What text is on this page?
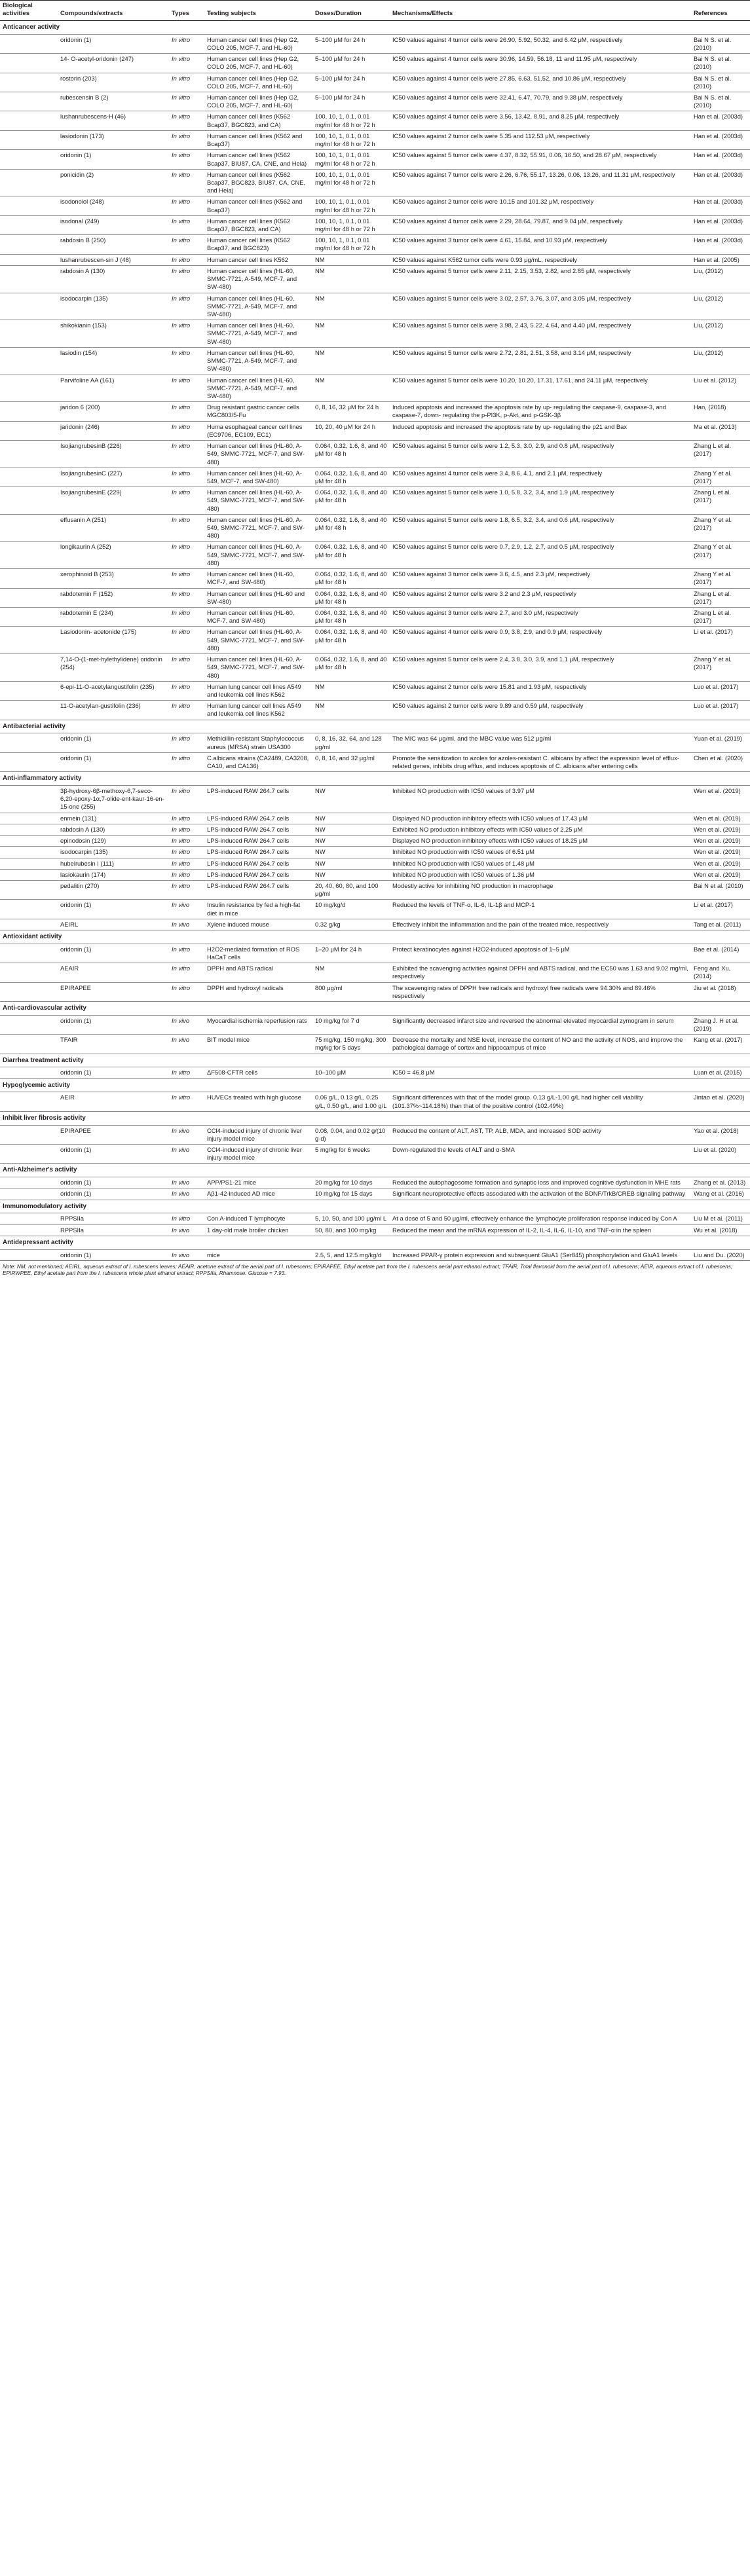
Biological activities	Compounds/extracts	Types	Testing subjects	Doses/Duration	Mechanisms/Effects	References
Anticancer activity						
	oridonin (1)	In vitro	Human cancer cell lines (Hep G2, COLO 205, MCF-7, and HL-60)	5–100 μM for 24 h	IC50 values against 4 tumor cells were 26.90, 5.92, 50.32, and 6.42 μM, respectively	Bai N S. et al. (2010)
	14- O-acetyl-oridonin (247)	In vitro	Human cancer cell lines (Hep G2, COLO 205, MCF-7, and HL-60)	5–100 μM for 24 h	IC50 values against 4 tumor cells were 30.96, 14.59, 56.18, 11 and 11.95 μM, respectively	Bai N S. et al. (2010)
	rostorin (203)	In vitro	Human cancer cell lines (Hep G2, COLO 205, MCF-7, and HL-60)	5–100 μM for 24 h	IC50 values against 4 tumor cells were 27.85, 6.63, 51.52, and 10.86 μM, respectively	Bai N S. et al. (2010)
	rubescensin B (2)	In vitro	Human cancer cell lines (Hep G2, COLO 205, MCF-7, and HL-60)	5–100 μM for 24 h	IC50 values against 4 tumor cells were 32.41, 6.47, 70.79, and 9.38 μM, respectively	Bai N S. et al. (2010)
	lushanrubescens-H (46)	In vitro	Human cancer cell lines (K562 Bcap37, BGC823, and CA)	100, 10, 1, 0.1, 0.01 mg/ml for 48 h or 72 h	IC50 values against 4 tumor cells were 3.56, 13.42, 8.91, and 8.25 μM, respectively	Han et al. (2003d)
	lasiodonin (173)	In vitro	Human cancer cell lines (K562 and Bcap37)	100, 10, 1, 0.1, 0.01 mg/ml for 48 h or 72 h	IC50 values against 2 tumor cells were 5.35 and 112.53 μM, respectively	Han et al. (2003d)
	oridonin (1)	In vitro	Human cancer cell lines (K562 Bcap37, BIU87, CA, CNE, and Hela)	100, 10, 1, 0.1, 0.01 mg/ml for 48 h or 72 h	IC50 values against 5 tumor cells were 4.37, 8.32, 55.91, 0.06, 16.50, and 28.67 μM, respectively	Han et al. (2003d)
	ponicidin (2)	In vitro	Human cancer cell lines (K562 Bcap37, BGC823, BIU87, CA, CNE, and Hela)	100, 10, 1, 0.1, 0.01 mg/ml for 48 h or 72 h	IC50 values against 7 tumor cells were 2.26, 6.76, 55.17, 13.26, 0.06, 13.26, and 11.31 μM, respectively	Han et al. (2003d)
	isodonoiol (248)	In vitro	Human cancer cell lines (K562 and Bcap37)	100, 10, 1, 0.1, 0.01 mg/ml for 48 h or 72 h	IC50 values against 2 tumor cells were 10.15 and 101.32 μM, respectively	Han et al. (2003d)
	isodonal (249)	In vitro	Human cancer cell lines (K562 Bcap37, BGC823, and CA)	100, 10, 1, 0.1, 0.01 mg/ml for 48 h or 72 h	IC50 values against 4 tumor cells were 2.29, 28.64, 79.87, and 9.04 μM, respectively	Han et al. (2003d)
	rabdosin B (250)	In vitro	Human cancer cell lines (K562 Bcap37, and BGC823)	100, 10, 1, 0.1, 0.01 mg/ml for 48 h or 72 h	IC50 values against 3 tumor cells were 4.61, 15.84, and 10.93 μM, respectively	Han et al. (2003d)
	lushanrubescen-sin J (48)	In vitro	Human cancer cell lines K562	NM	IC50 values against K562 tumor cells were 0.93 μg/mL, respectively	Han et al. (2005)
	rabdosin A (130)	In vitro	Human cancer cell lines (HL-60, SMMC-7721, A-549, MCF-7, and SW-480)	NM	IC50 values against 5 tumor cells were 2.11, 2.15, 3.53, 2.82, and 2.85 μM, respectively	Liu, (2012)
	isodocarpin (135)	In vitro	Human cancer cell lines (HL-60, SMMC-7721, A-549, MCF-7, and SW-480)	NM	IC50 values against 5 tumor cells were 3.02, 2.57, 3.76, 3.07, and 3.05 μM, respectively	Liu, (2012)
	shikokianin (153)	In vitro	Human cancer cell lines (HL-60, SMMC-7721, A-549, MCF-7, and SW-480)	NM	IC50 values against 5 tumor cells were 3.98, 2.43, 5.22, 4.64, and 4.40 μM, respectively	Liu, (2012)
	lasiodin (154)	In vitro	Human cancer cell lines (HL-60, SMMC-7721, A-549, MCF-7, and SW-480)	NM	IC50 values against 5 tumor cells were 2.72, 2.81, 2.51, 3.58, and 3.14 μM, respectively	Liu, (2012)
	Parvifoline AA (161)	In vitro	Human cancer cell lines (HL-60, SMMC-7721, A-549, MCF-7, and SW-480)	NM	IC50 values against 5 tumor cells were 10.20, 10.20, 17.31, 17.61, and 24.11 μM, respectively	Liu et al. (2012)
	jaridon 6 (200)	In vitro	Drug resistant gastric cancer cells MGC803/5-Fu	0, 8, 16, 32 μM for 24 h	Induced apoptosis and increased the apoptosis rate by up- regulating the caspase-9, caspase-3, and caspase-7, down- regulating the p-PI3K, p-Akt, and p-GSK-3β	Han, (2018)
	jaridonin (246)	In vitro	Huma esophageal cancer cell lines (EC9706, EC109, EC1)	10, 20, 40 μM for 24 h	Induced apoptosis and increased the apoptosis rate by up- regulating the p21 and Bax	Ma et al. (2013)
	IsojiangrubesinB (226)	In vitro	Human cancer cell lines (HL-60, A-549, SMMC-7721, MCF-7, and SW-480)	0.064, 0.32, 1.6, 8, and 40 μM for 48 h	IC50 values against 5 tumor cells were 1.2, 5.3, 3.0, 2.9, and 0.8 μM, respectively	Zhang L et al. (2017)
	IsojiangrubesinC (227)	In vitro	Human cancer cell lines (HL-60, A-549, MCF-7, and SW-480)	0.064, 0.32, 1.6, 8, and 40 μM for 48 h	IC50 values against 4 tumor cells were 3.4, 8.6, 4.1, and 2.1 μM, respectively	Zhang Y et al. (2017)
	IsojiangrubesinE (229)	In vitro	Human cancer cell lines (HL-60, A-549, SMMC-7721, MCF-7, and SW-480)	0.064, 0.32, 1.6, 8, and 40 μM for 48 h	IC50 values against 5 tumor cells were 1.0, 5.8, 3.2, 3.4, and 1.9 μM, respectively	Zhang L et al. (2017)
	effusanin A (251)	In vitro	Human cancer cell lines (HL-60, A-549, SMMC-7721, MCF-7, and SW-480)	0.064, 0.32, 1.6, 8, and 40 μM for 48 h	IC50 values against 5 tumor cells were 1.8, 6.5, 3.2, 3.4, and 0.6 μM, respectively	Zhang Y et al. (2017)
	longikaurin A (252)	In vitro	Human cancer cell lines (HL-60, A-549, SMMC-7721, MCF-7, and SW-480)	0.064, 0.32, 1.6, 8, and 40 μM for 48 h	IC50 values against 5 tumor cells were 0.7, 2.9, 1.2, 2.7, and 0.5 μM, respectively	Zhang Y et al. (2017)
	xerophinoid B (253)	In vitro	Human cancer cell lines (HL-60, MCF-7, and SW-480)	0.064, 0.32, 1.6, 8, and 40 μM for 48 h	IC50 values against 3 tumor cells were 3.6, 4.5, and 2.3 μM, respectively	Zhang Y et al. (2017)
	rabdoternin F (152)	In vitro	Human cancer cell lines (HL-60 and SW-480)	0.064, 0.32, 1.6, 8, and 40 μM for 48 h	IC50 values against 2 tumor cells were 3.2 and 2.3 μM, respectively	Zhang L et al. (2017)
	rabdoternin E (234)	In vitro	Human cancer cell lines (HL-60, MCF-7, and SW-480)	0.064, 0.32, 1.6, 8, and 40 μM for 48 h	IC50 values against 3 tumor cells were 2.7, and 3.0 μM, respectively	Zhang L et al. (2017)
	Lasiodonin- acetonide (175)	In vitro	Human cancer cell lines (HL-60, A-549, SMMC-7721, MCF-7, and SW-480)	0.064, 0.32, 1.6, 8, and 40 μM for 48 h	IC50 values against 4 tumor cells were 0.9, 3.8, 2.9, and 0.9 μM, respectively	Li et al. (2017)
	7,14-O-(1-met-hylethylidene) oridonin (254)	In vitro	Human cancer cell lines (HL-60, A-549, SMMC-7721, MCF-7, and SW-480)	0.064, 0.32, 1.6, 8, and 40 μM for 48 h	IC50 values against 5 tumor cells were 2.4, 3.8, 3.0, 3.9, and 1.1 μM, respectively	Zhang Y et al. (2017)
	6-epi-11-O-acetylangustifolin (235)	In vitro	Human lung cancer cell lines A549 and leukemia cell lines K562	NM	IC50 values against 2 tumor cells were 15.81 and 1.93 μM, respectively	Luo et al. (2017)
	11-O-acetylan-gustifolin (236)	In vitro	Human lung cancer cell lines A549 and leukemia cell lines K562	NM	IC50 values against 2 tumor cells were 9.89 and 0.59 μM, respectively	Luo et al. (2017)
Antibacterial activity						
	oridonin (1)	In vitro	Methicillin-resistant Staphylococcus aureus (MRSA) strain USA300	0, 8, 16, 32, 64, and 128 μg/ml	The MIC was 64 μg/ml, and the MBC value was 512 μg/ml	Yuan et al. (2019)
	oridonin (1)	In vitro	C.albicans strains (CA2489, CA3208, CA10, and CA136)	0, 8, 16, and 32 μg/ml	Promote the sensitization to azoles for azoles-resistant C. albicans by affect the expression level of efflux-related genes, inhibits drug efflux, and induces apoptosis of C. albicans after entering cells	Chen et al. (2020)
Anti-inflammatory activity						
	3β-hydroxy-6β-methoxy-6,7-seco-6,20-epoxy-1α,7-olide-ent-kaur-16-en-15-one (255)	In vitro	LPS-induced RAW 264.7 cells	NW	Inhibited NO production with IC50 values of 3.97 μM	Wen et al. (2019)
	enmein (131)	In vitro	LPS-induced RAW 264.7 cells	NW	Displayed NO production inhibitory effects with IC50 values of 17.43 μM	Wen et al. (2019)
	rabdosin A (130)	In vitro	LPS-induced RAW 264.7 cells	NW	Exhibited NO production inhibitory effects with IC50 values of 2.25 μM	Wen et al. (2019)
	epinodosin (129)	In vitro	LPS-induced RAW 264.7 cells	NW	Displayed NO production inhibitory effects with IC50 values of 18.25 μM	Wen et al. (2019)
	isodocarpin (135)	In vitro	LPS-induced RAW 264.7 cells	NW	Inhibited NO production with IC50 values of 6.51 μM	Wen et al. (2019)
	hubeirubesin I (111)	In vitro	LPS-induced RAW 264.7 cells	NW	Inhibited NO production with IC50 values of 1.48 μM	Wen et al. (2019)
	lasiokaurin (174)	In vitro	LPS-induced RAW 264.7 cells	NW	Inhibited NO production with IC50 values of 1.36 μM	Wen et al. (2019)
	pedalitin (270)	In vitro	LPS-induced RAW 264.7 cells	20, 40, 60, 80, and 100 μg/ml	Modestly active for inhibiting NO production in macrophage	Bai N et al. (2010)
	oridonin (1)	In vivo	Insulin resistance by fed a high-fat diet in mice	10 mg/kg/d	Reduced the levels of TNF-α, IL-6, IL-1β and MCP-1	Li et al. (2017)
	AEIRL	In vivo	Xylene induced mouse	0.32 g/kg	Effectively inhibit the inflammation and the pain of the treated mice, respectively	Tang et al. (2011)
Antioxidant activity						
	oridonin (1)	In vitro	H2O2-mediated formation of ROS HaCaT cells	1–20 μM for 24 h	Protect keratinocytes against H2O2-induced apoptosis of 1–5 μM	Bae et al. (2014)
	AEAIR	In vitro	DPPH and ABTS radical	NM	Exhibited the scavenging activities against DPPH and ABTS radical, and the EC50 was 1.63 and 9.02 mg/ml, respectively	Feng and Xu, (2014)
	EPIRAPEE	In vitro	DPPH and hydroxyl radicals	800 μg/ml	The scavenging rates of DPPH free radicals and hydroxyl free radicals were 94.30% and 89.46% respectively	Jiu et al. (2018)
Anti-cardiovascular activity						
	oridonin (1)	In vivo	Myocardial ischemia reperfusion rats	10 mg/kg for 7 d	Significantly decreased infarct size and reversed the abnormal elevated myocardial zymogram in serum	Zhang J. H et al. (2019)
	TFAIR	In vivo	BIT model mice	75 mg/kg, 150 mg/kg, 300 mg/kg for 5 days	Decrease the mortality and NSE level, increase the content of NO and the activity of NOS, and improve the pathological damage of cortex and hippocampus of mice	Kang et al. (2017)
Diarrhea treatment activity						
	oridonin (1)	In vitro	ΔF508-CFTR cells	10–100 μM	IC50 = 46.8 μM	Luan et al. (2015)
Hypoglycemic activity						
	AEIR	In vitro	HUVECs treated with high glucose	0.06 g/L, 0.13 g/L, 0.25 g/L, 0.50 g/L, and 1.00 g/L	Significant differences with that of the model group. 0.13 g/L-1.00 g/L had higher cell viability (101.37%~114.18%) than that of the positive control (102.49%)	Jintao et al. (2020)
Inhibit liver fibrosis activity						
	EPIRAPEE	In vivo	CCl4-induced injury of chronic liver injury model mice	0.08, 0.04, and 0.02 g/(10 g·d)	Reduced the content of ALT, AST, TP, ALB, MDA, and increased SOD activity	Yao et al. (2018)
	oridonin (1)	In vivo	CCl4-induced injury of chronic liver injury model mice	5 mg/kg for 6 weeks	Down-regulated the levels of ALT and α-SMA	Liu et al. (2020)
Anti-Alzheimer's activity						
	oridonin (1)	In vivo	APP/PS1-21 mice	20 mg/kg for 10 days	Reduced the autophagosome formation and synaptic loss and improved cognitive dysfunction in MHE rats	Zhang et al. (2013)
	oridonin (1)	In vivo	Aβ1-42-induced AD mice	10 mg/kg for 15 days	Significant neuroprotective effects associated with the activation of the BDNF/TrkB/CREB signaling pathway	Wang et al. (2016)
Immunomodulatory activity						
	RPPSIIa	In vitro	Con A-induced T lymphocyte	5, 10, 50, and 100 μg/ml L	At a dose of 5 and 50 μg/ml, effectively enhance the lymphocyte proliferation response induced by Con A	Liu M et al. (2011)
	RPPSIIa	In vivo	1 day-old male broiler chicken	50, 80, and 100 mg/kg	Reduced the mean and the mRNA expression of IL-2, IL-4, IL-6, IL-10, and TNF-α in the spleen	Wu et al. (2018)
Antidepressant activity						
	oridonin (1)	In vivo	mice	2.5, 5, and 12.5 mg/kg/d	Increased PPAR-γ protein expression and subsequent GluA1 (Ser845) phosphorylation and GluA1 levels	Liu and Du. (2020)
Note: NM, not mentioned; AEIRL, aqueous extract of I. rubescens leaves; AEAIR, acetone extract of the aerial part of I. rubescens; EPIRAPEE, Ethyl acetate part from the I. rubescens aerial part ethanol extract; TFAIR, Total flavonoid from the aerial part of I. rubescens; AEIR, aqueous extract of I. rubescens; EPIRWPEE, Ethyl acetate part from the I. rubescens whole plant ethanol extract; RPPSIIa, Rhamnose: Glucose = 7.93.
